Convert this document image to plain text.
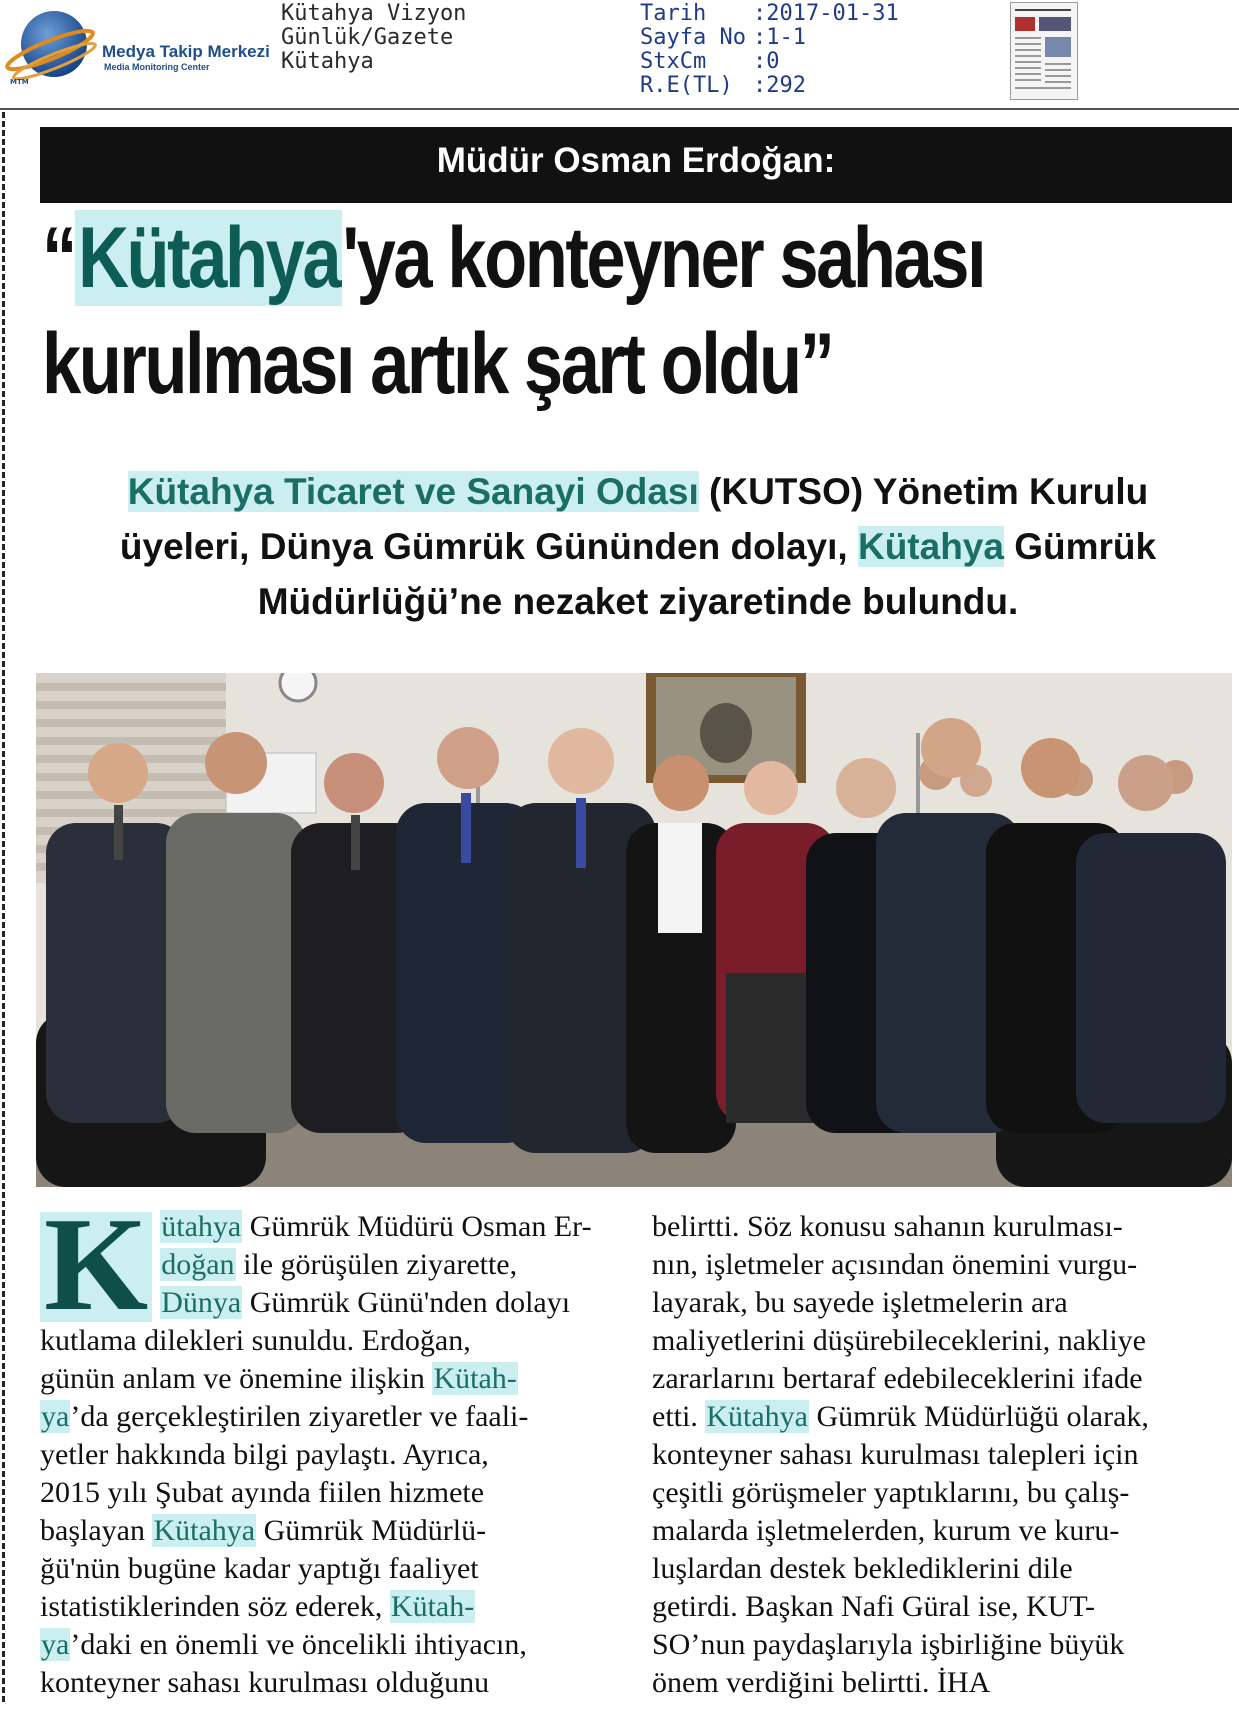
Medya Takip Merkezi
Media Monitoring Center
MTM
Kütahya Vizyon
Günlük/Gazete
Kütahya
Tarih :2017-01-31
Sayfa No :1-1
StxCm :0
R.E(TL) :292
Müdür Osman Erdoğan:
“Kütahya'ya konteyner sahası
kurulması artık şart oldu”
Kütahya Ticaret ve Sanayi Odası (KUTSO) Yönetim Kurulu
üyeleri, Dünya Gümrük Gününden dolayı, Kütahya Gümrük
Müdürlüğü’ne nezaket ziyaretinde bulundu.
K ütahya Gümrük Müdürü Osman Er-
doğan ile görüşülen ziyarette,
Dünya Gümrük Günü'nden dolayı
kutlama dilekleri sunuldu. Erdoğan,
günün anlam ve önemine ilişkin Kütah-
ya’da gerçekleştirilen ziyaretler ve faali-
yetler hakkında bilgi paylaştı. Ayrıca,
2015 yılı Şubat ayında fiilen hizmete
başlayan Kütahya Gümrük Müdürlü-
ğü'nün bugüne kadar yaptığı faaliyet
istatistiklerinden söz ederek, Kütah-
ya’daki en önemli ve öncelikli ihtiyacın,
konteyner sahası kurulması olduğunu
belirtti. Söz konusu sahanın kurulması-
nın, işletmeler açısından önemini vurgu-
layarak, bu sayede işletmelerin ara
maliyetlerini düşürebileceklerini, nakliye
zararlarını bertaraf edebileceklerini ifade
etti. Kütahya Gümrük Müdürlüğü olarak,
konteyner sahası kurulması talepleri için
çeşitli görüşmeler yaptıklarını, bu çalış-
malarda işletmelerden, kurum ve kuru-
luşlardan destek beklediklerini dile
getirdi. Başkan Nafi Güral ise, KUT-
SO’nun paydaşlarıyla işbirliğine büyük
önem verdiğini belirtti. İHA
